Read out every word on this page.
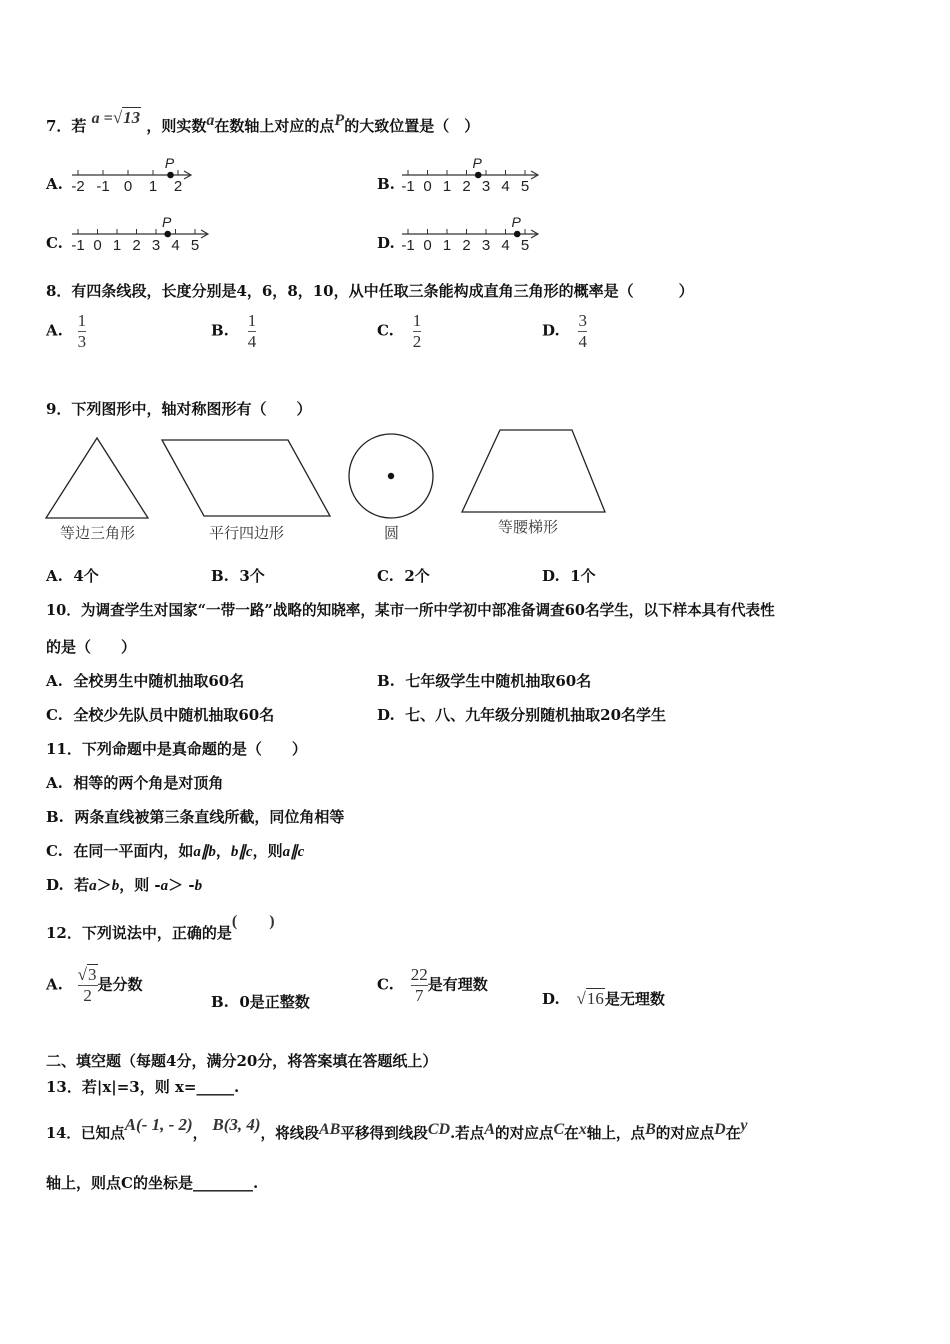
7．若 a =√13 ，则实数a在数轴上对应的点P的大致位置是（　）
A. -2 -1 0 1 2
P
B. -1 0 1 2 3 4 5
P
C. -1 0 1 2 3 4 5
P
D. -1 0 1 2 3 4 5
P
8．有四条线段，长度分别是4，6，8，10，从中任取三条能构成直角三角形的概率是（　　　）
A. $\frac{1}{3}$	B. $\frac{1}{4}$	C. $\frac{1}{2}$	D. $\frac{3}{4}$
9．下列图形中，轴对称图形有（　　）
等边三角形	平行四边形	圆	等腰梯形
A. 4个	B. 3个	C. 2个	D. 1个
10．为调查学生对国家“一带一路”战略的知晓率，某市一所中学初中部准备调查60名学生，以下样本具有代表性
的是（　　）
A. 全校男生中随机抽取60名	B. 七年级学生中随机抽取60名
C. 全校少先队员中随机抽取60名	D. 七、八、九年级分别随机抽取20名学生
11．下列命题中是真命题的是（　　）
A. 相等的两个角是对顶角
B. 两条直线被第三条直线所截，同位角相等
C. 在同一平面内，如a∥b，b∥c，则a∥c
D. 若a＞b，则 -a＞ -b
12．下列说法中，正确的是(　　)
A. $\frac{√3}{2}$ 是分数
B. 0是正整数
C. $\frac{22}{7}$ 是有理数
D. √16是无理数
二、填空题（每题4分，满分20分，将答案填在答题纸上）
13．若|x|=3，则 x=_____.
14．已知点A(- 1, - 2)， B(3, 4)，将线段AB平移得到线段CD.若点A的对应点C在x轴上，点B的对应点D在y
轴上，则点C的坐标是________.
